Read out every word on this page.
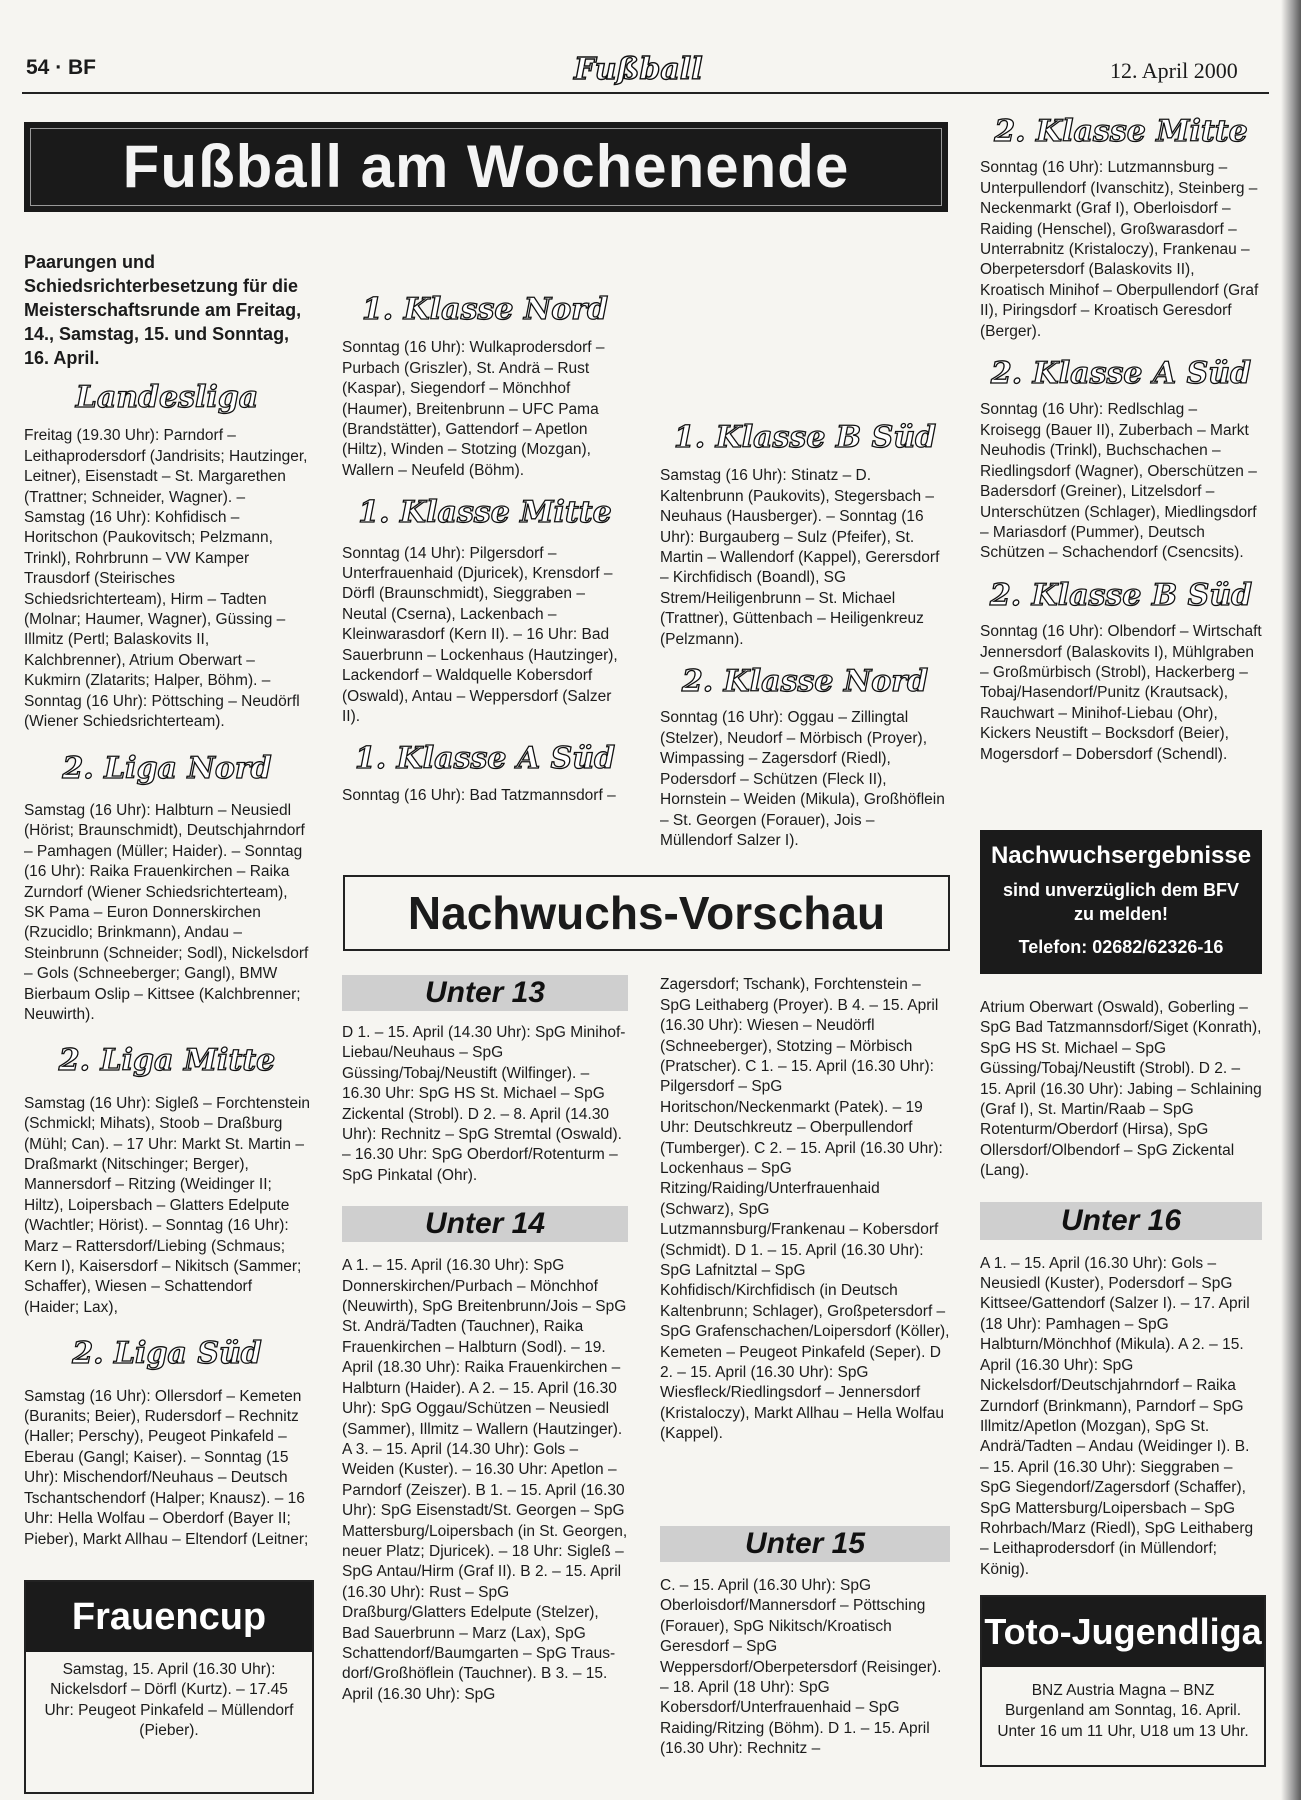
54 · BF	Fußball	12. April 2000
Fußball am Wochenende

Paarungen und Schiedsrichterbesetzung für die Meisterschaftsrunde am Freitag, 14., Samstag, 15. und Sonntag, 16. April.

Landesliga

Freitag (19.30 Uhr): Parndorf – Leithaprodersdorf (Jandrisits; Hautzinger, Leitner), Eisenstadt – St. Margarethen (Trattner; Schneider, Wagner). – Samstag (16 Uhr): Kohfidisch – Horitschon (Paukovitsch; Pelzmann, Trinkl), Rohrbrunn – VW Kamper Trausdorf (Steirisches Schiedsrichterteam), Hirm – Tadten (Molnar; Haumer, Wagner), Güssing – Illmitz (Pertl; Balaskovits II, Kalchbrenner), Atrium Oberwart – Kukmirn (Zlatarits; Halper, Böhm). – Sonntag (16 Uhr): Pöttsching – Neudörfl (Wiener Schiedsrichterteam).

2. Liga Nord

Samstag (16 Uhr): Halbturn – Neusiedl (Hörist; Braunschmidt), Deutschjahrndorf – Pamhagen (Müller; Haider). – Sonntag (16 Uhr): Raika Frauenkirchen – Raika Zurndorf (Wiener Schiedsrichterteam), SK Pama – Euron Donnerskirchen (Rzucidlo; Brinkmann), Andau – Steinbrunn (Schneider; Sodl), Nickelsdorf – Gols (Schneeberger; Gangl), BMW Bierbaum Oslip – Kittsee (Kalchbrenner; Neuwirth).

2. Liga Mitte

Samstag (16 Uhr): Sigleß – Forchtenstein (Schmickl; Mihats), Stoob – Draßburg (Mühl; Can). – 17 Uhr: Markt St. Martin – Draßmarkt (Nitschinger; Berger), Mannersdorf – Ritzing (Weidinger II; Hiltz), Loipersbach – Glatters Edelpute (Wachtler; Hörist). – Sonntag (16 Uhr): Marz – Rattersdorf/Liebing (Schmaus; Kern I), Kaisersdorf – Nikitsch (Sammer; Schaffer), Wiesen – Schattendorf (Haider; Lax),

2. Liga Süd

Samstag (16 Uhr): Ollersdorf – Kemeten (Buranits; Beier), Rudersdorf – Rechnitz (Haller; Perschy), Peugeot Pinkafeld – Eberau (Gangl; Kaiser). – Sonntag (15 Uhr): Mischendorf/Neuhaus – Deutsch Tschantschendorf (Halper; Knausz). – 16 Uhr: Hella Wolfau – Oberdorf (Bayer II; Pieber), Markt Allhau – Eltendorf (Leitner;

Frauencup
Samstag, 15. April (16.30 Uhr): Nickelsdorf – Dörfl (Kurtz). – 17.45 Uhr: Peugeot Pinkafeld – Müllendorf (Pieber).
1. Klasse Nord

Sonntag (16 Uhr): Wulkaprodersdorf – Purbach (Griszler), St. Andrä – Rust (Kaspar), Siegendorf – Mönchhof (Haumer), Breitenbrunn – UFC Pama (Brandstätter), Gattendorf – Apetlon (Hiltz), Winden – Stotzing (Mozgan), Wallern – Neufeld (Böhm).

1. Klasse Mitte

Sonntag (14 Uhr): Pilgersdorf – Unterfrauenhaid (Djuricek), Krensdorf – Dörfl (Braunschmidt), Sieggraben – Neutal (Cserna), Lackenbach – Kleinwarasdorf (Kern II). – 16 Uhr: Bad Sauerbrunn – Lockenhaus (Hautzinger), Lackendorf – Waldquelle Kobersdorf (Oswald), Antau – Weppersdorf (Salzer II).

1. Klasse A Süd

Sonntag (16 Uhr): Bad Tatzmannsdorf –

1. Klasse B Süd

Samstag (16 Uhr): Stinatz – D. Kaltenbrunn (Paukovits), Stegersbach – Neuhaus (Hausberger). – Sonntag (16 Uhr): Burgauberg – Sulz (Pfeifer), St. Martin – Wallendorf (Kappel), Gerersdorf – Kirchfidisch (Boandl), SG Strem/Heiligenbrunn – St. Michael (Trattner), Güttenbach – Heiligenkreuz (Pelzmann).

2. Klasse Nord

Sonntag (16 Uhr): Oggau – Zillingtal (Stelzer), Neudorf – Mörbisch (Proyer), Wimpassing – Zagersdorf (Riedl), Podersdorf – Schützen (Fleck II), Hornstein – Weiden (Mikula), Großhöflein – St. Georgen (Forauer), Jois – Müllendorf Salzer I).

Nachwuchs-Vorschau
Unter 13

D 1. – 15. April (14.30 Uhr): SpG Minihof-Liebau/Neuhaus – SpG Güssing/Tobaj/Neustift (Wilfinger). – 16.30 Uhr: SpG HS St. Michael – SpG Zickental (Strobl). D 2. – 8. April (14.30 Uhr): Rechnitz – SpG Stremtal (Oswald). – 16.30 Uhr: SpG Oberdorf/Rotenturm – SpG Pinkatal (Ohr).

Unter 14

A 1. – 15. April (16.30 Uhr): SpG Donnerskirchen/Purbach – Mönchhof (Neuwirth), SpG Breitenbrunn/Jois – SpG St. Andrä/Tadten (Tauchner), Raika Frauenkirchen – Halbturn (Sodl). – 19. April (18.30 Uhr): Raika Frauenkirchen – Halbturn (Haider). A 2. – 15. April (16.30 Uhr): SpG Oggau/Schützen – Neusiedl (Sammer), Illmitz – Wallern (Hautzinger). A 3. – 15. April (14.30 Uhr): Gols – Weiden (Kuster). – 16.30 Uhr: Apetlon – Parndorf (Zeiszer). B 1. – 15. April (16.30 Uhr): SpG Eisenstadt/St. Georgen – SpG Mattersburg/Loipersbach (in St. Georgen, neuer Platz; Djuricek). – 18 Uhr: Sigleß – SpG Antau/Hirm (Graf II). B 2. – 15. April (16.30 Uhr): Rust – SpG Draßburg/Glatters Edelpute (Stelzer), Bad Sauerbrunn – Marz (Lax), SpG Schattendorf/Baumgarten – SpG Traus- dorf/Großhöflein (Tauchner). B 3. – 15. April (16.30 Uhr): SpG

Zagersdorf; Tschank), Forchtenstein – SpG Leithaberg (Proyer). B 4. – 15. April (16.30 Uhr): Wiesen – Neudörfl (Schneeberger), Stotzing – Mörbisch (Pratscher). C 1. – 15. April (16.30 Uhr): Pilgersdorf – SpG Horitschon/Neckenmarkt (Patek). – 19 Uhr: Deutschkreutz – Oberpullendorf (Tumberger). C 2. – 15. April (16.30 Uhr): Lockenhaus – SpG Ritzing/Raiding/Unterfrauenhaid (Schwarz), SpG Lutzmannsburg/Frankenau – Kobersdorf (Schmidt). D 1. – 15. April (16.30 Uhr): SpG Lafnitztal – SpG Kohfidisch/Kirchfidisch (in Deutsch Kaltenbrunn; Schlager), Großpetersdorf – SpG Grafenschachen/Loipersdorf (Köller), Kemeten – Peugeot Pinkafeld (Seper). D 2. – 15. April (16.30 Uhr): SpG Wiesfleck/Riedlingsdorf – Jennersdorf (Kristaloczy), Markt Allhau – Hella Wolfau (Kappel).

Unter 15

C. – 15. April (16.30 Uhr): SpG Oberloisdorf/Mannersdorf – Pöttsching (Forauer), SpG Nikitsch/Kroatisch Geresdorf – SpG Weppersdorf/Oberpetersdorf (Reisinger). – 18. April (18 Uhr): SpG Kobersdorf/Unterfrauenhaid – SpG Raiding/Ritzing (Böhm). D 1. – 15. April (16.30 Uhr): Rechnitz –

2. Klasse Mitte

Sonntag (16 Uhr): Lutzmannsburg – Unterpullendorf (Ivanschitz), Steinberg – Neckenmarkt (Graf I), Oberloisdorf – Raiding (Henschel), Großwarasdorf – Unterrabnitz (Kristaloczy), Frankenau – Oberpetersdorf (Balaskovits II), Kroatisch Minihof – Oberpullendorf (Graf II), Piringsdorf – Kroatisch Geresdorf (Berger).

2. Klasse A Süd

Sonntag (16 Uhr): Redlschlag – Kroisegg (Bauer II), Zuberbach – Markt Neuhodis (Trinkl), Buchschachen – Riedlingsdorf (Wagner), Oberschützen – Badersdorf (Greiner), Litzelsdorf – Unterschützen (Schlager), Miedlingsdorf – Mariasdorf (Pummer), Deutsch Schützen – Schachendorf (Csencsits).

2. Klasse B Süd

Sonntag (16 Uhr): Olbendorf – Wirtschaft Jennersdorf (Balaskovits I), Mühlgraben – Großmürbisch (Strobl), Hackerberg – Tobaj/Hasendorf/Punitz (Krautsack), Rauchwart – Minihof-Liebau (Ohr), Kickers Neustift – Bocksdorf (Beier), Mogersdorf – Dobersdorf (Schendl).

Nachwuchsergebnisse
sind unverzüglich dem BFV
zu melden!
Telefon: 02682/62326-16

Atrium Oberwart (Oswald), Goberling – SpG Bad Tatzmannsdorf/Siget (Konrath), SpG HS St. Michael – SpG Güssing/Tobaj/Neustift (Strobl). D 2. – 15. April (16.30 Uhr): Jabing – Schlaining (Graf I), St. Martin/Raab – SpG Rotenturm/Oberdorf (Hirsa), SpG Ollersdorf/Olbendorf – SpG Zickental (Lang).

Unter 16

A 1. – 15. April (16.30 Uhr): Gols – Neusiedl (Kuster), Podersdorf – SpG Kittsee/Gattendorf (Salzer I). – 17. April (18 Uhr): Pamhagen – SpG Halbturn/Mönchhof (Mikula). A 2. – 15. April (16.30 Uhr): SpG Nickelsdorf/Deutschjahrndorf – Raika Zurndorf (Brinkmann), Parndorf – SpG Illmitz/Apetlon (Mozgan), SpG St. Andrä/Tadten – Andau (Weidinger I). B. – 15. April (16.30 Uhr): Sieggraben – SpG Siegendorf/Zagersdorf (Schaffer), SpG Mattersburg/Loipersbach – SpG Rohrbach/Marz (Riedl), SpG Leithaberg – Leithaprodersdorf (in Müllendorf; König).

Toto-Jugendliga
BNZ Austria Magna – BNZ Burgenland am Sonntag, 16. April. Unter 16 um 11 Uhr, U18 um 13 Uhr.
